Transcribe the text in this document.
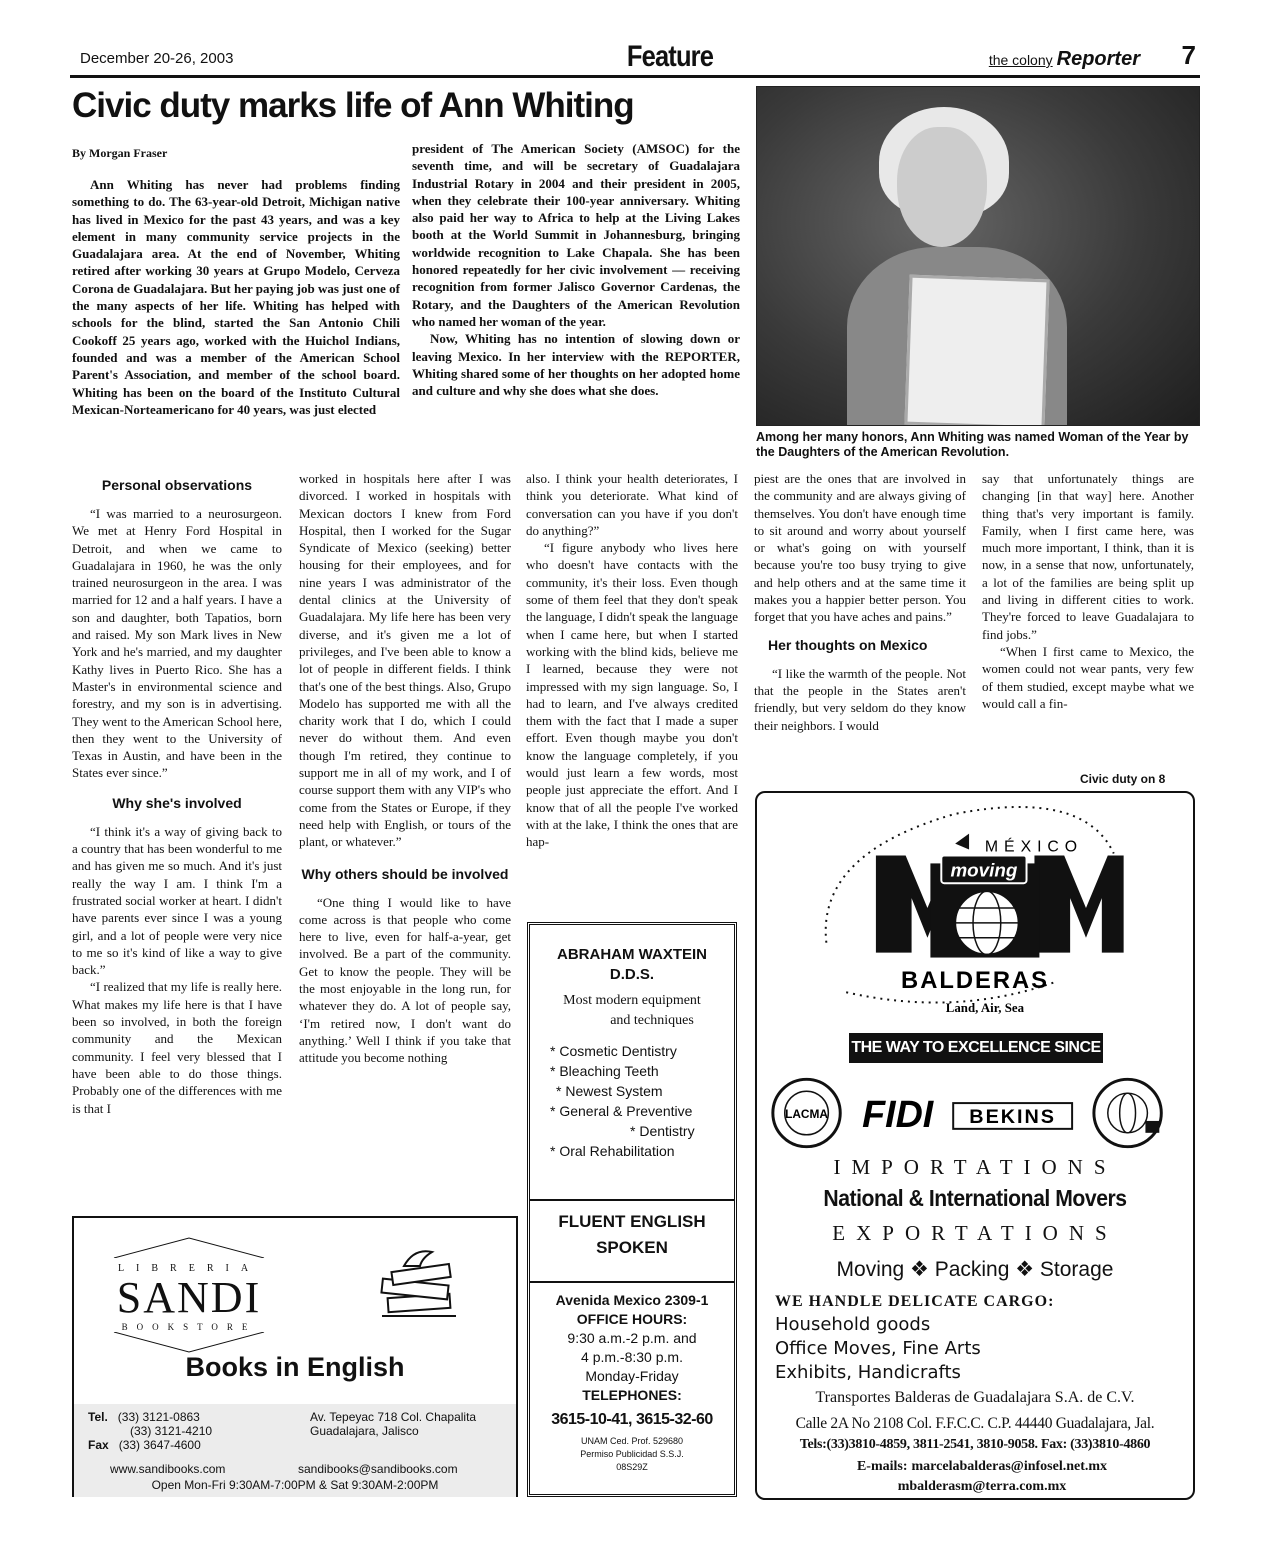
December 20-26, 2003	Feature	the colony Reporter 7
Civic duty marks life of Ann Whiting
By Morgan Fraser

Ann Whiting has never had problems finding something to do. The 63-year-old Detroit, Michigan native has lived in Mexico for the past 43 years, and was a key element in many community service projects in the Guadalajara area. At the end of November, Whiting retired after working 30 years at Grupo Modelo, Cerveza Corona de Guadalajara. But her paying job was just one of the many aspects of her life. Whiting has helped with schools for the blind, started the San Antonio Chili Cookoff 25 years ago, worked with the Huichol Indians, founded and was a member of the American School Parent's Association, and member of the school board. Whiting has been on the board of the Instituto Cultural Mexican-Norteamericano for 40 years, was just elected

president of The American Society (AMSOC) for the seventh time, and will be secretary of Guadalajara Industrial Rotary in 2004 and their president in 2005, when they celebrate their 100-year anniversary. Whiting also paid her way to Africa to help at the Living Lakes booth at the World Summit in Johannesburg, bringing worldwide recognition to Lake Chapala. She has been honored repeatedly for her civic involvement — receiving recognition from former Jalisco Governor Cardenas, the Rotary, and the Daughters of the American Revolution who named her woman of the year.

Now, Whiting has no intention of slowing down or leaving Mexico. In her interview with the REPORTER, Whiting shared some of her thoughts on her adopted home and culture and why she does what she does.

Among her many honors, Ann Whiting was named Woman of the Year by the Daughters of the American Revolution.
Personal observations

“I was married to a neurosurgeon. We met at Henry Ford Hospital in Detroit, and when we came to Guadalajara in 1960, he was the only trained neurosurgeon in the area. I was married for 12 and a half years. I have a son and daughter, both Tapatios, born and raised. My son Mark lives in New York and he's married, and my daughter Kathy lives in Puerto Rico. She has a Master's in environmental science and forestry, and my son is in advertising. They went to the American School here, then they went to the University of Texas in Austin, and have been in the States ever since.”

Why she's involved

“I think it's a way of giving back to a country that has been wonderful to me and has given me so much. And it's just really the way I am. I think I'm a frustrated social worker at heart. I didn't have parents ever since I was a young girl, and a lot of people were very nice to me so it's kind of like a way to give back.”

“I realized that my life is really here. What makes my life here is that I have been so involved, in both the foreign community and the Mexican community. I feel very blessed that I have been able to do those things. Probably one of the differences with me is that I

worked in hospitals here after I was divorced. I worked in hospitals with Mexican doctors I knew from Ford Hospital, then I worked for the Sugar Syndicate of Mexico (seeking) better housing for their employees, and for nine years I was administrator of the dental clinics at the University of Guadalajara. My life here has been very diverse, and it's given me a lot of privileges, and I've been able to know a lot of people in different fields. I think that's one of the best things. Also, Grupo Modelo has supported me with all the charity work that I do, which I could never do without them. And even though I'm retired, they continue to support me in all of my work, and I of course support them with any VIP's who come from the States or Europe, if they need help with English, or tours of the plant, or whatever.”

Why others should be involved

“One thing I would like to have come across is that people who come here to live, even for half-a-year, get involved. Be a part of the community. Get to know the people. They will be the most enjoyable in the long run, for whatever they do. A lot of people say, ‘I'm retired now, I don't want do anything.’ Well I think if you take that attitude you become nothing

also. I think your health deteriorates, I think you deteriorate. What kind of conversation can you have if you don't do anything?”

“I figure anybody who lives here who doesn't have contacts with the community, it's their loss. Even though some of them feel that they don't speak the language, I didn't speak the language when I came here, but when I started working with the blind kids, believe me I learned, because they were not impressed with my sign language. So, I had to learn, and I've always credited them with the fact that I made a super effort. Even though maybe you don't know the language completely, if you would just learn a few words, most people just appreciate the effort. And I know that of all the people I've worked with at the lake, I think the ones that are hap-

piest are the ones that are involved in the community and are always giving of themselves. You don't have enough time to sit around and worry about yourself or what's going on with yourself because you're too busy trying to give and help others and at the same time it makes you a happier better person. You forget that you have aches and pains.”

Her thoughts on Mexico

“I like the warmth of the people. Not that the people in the States aren't friendly, but very seldom do they know their neighbors. I would

say that unfortunately things are changing [in that way] here. Another thing that's very important is family. Family, when I first came here, was much more important, I think, than it is now, in a sense that now, unfortunately, a lot of the families are being split up and living in different cities to work. They're forced to leave Guadalajara to find jobs.”

“When I first came to Mexico, the women could not wear pants, very few of them studied, except maybe what we would call a fin-

Civic duty on 8
ABRAHAM WAXTEIN
D.D.S.
Most modern equipment
and techniques
* Cosmetic Dentistry
* Bleaching Teeth
* Newest System
* General & Preventive
* Dentistry
* Oral Rehabilitation
FLUENT ENGLISH SPOKEN
Avenida Mexico 2309-1
OFFICE HOURS:
9:30 a.m.-2 p.m. and
4 p.m.-8:30 p.m.
Monday-Friday
TELEPHONES:
3615-10-41, 3615-32-60
UNAM Ced. Prof. 529680
Permiso Publicidad S.S.J.
08S29Z
LIBRERIA
SANDI
BOOKSTORE
Books in English
Tel. (33) 3121-0863
(33) 3121-4210
Fax (33) 3647-4600
Av. Tepeyac 718 Col. Chapalita
Guadalajara, Jalisco
www.sandibooks.com	sandibooks@sandibooks.com
Open Mon-Fri 9:30AM-7:00PM & Sat 9:30AM-2:00PM
MÉXICO
moving
BALDERAS
Land, Air, Sea
THE WAY TO EXCELLENCE SINCE 1950
LACMA FIDI BEKINS
IMPORTATIONS
National & International Movers
EXPORTATIONS
Moving ❖ Packing ❖ Storage
WE HANDLE DELICATE CARGO:
Household goods
Office Moves, Fine Arts
Exhibits, Handicrafts
Transportes Balderas de Guadalajara S.A. de C.V.
Calle 2A No 2108 Col. F.F.C.C. C.P. 44440 Guadalajara, Jal.
Tels:(33)3810-4859, 3811-2541, 3810-9058. Fax: (33)3810-4860
E-mails: marcelabalderas@infosel.net.mx
mbalderasm@terra.com.mx
